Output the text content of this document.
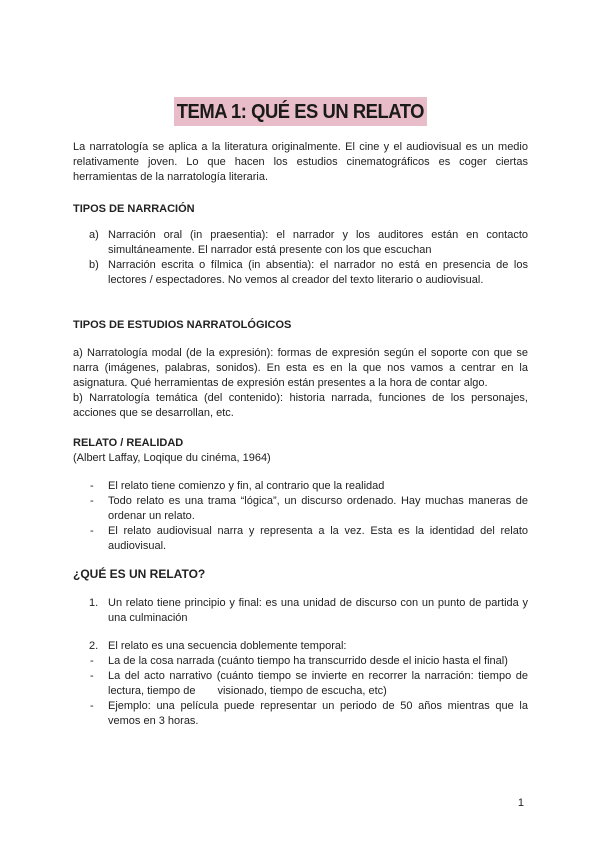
TEMA 1: QUÉ ES UN RELATO
La narratología se aplica a la literatura originalmente. El cine y el audiovisual es un medio relativamente joven. Lo que hacen los estudios cinematográficos es coger ciertas herramientas de la narratología literaria.
TIPOS DE NARRACIÓN
a) Narración oral (in praesentia): el narrador y los auditores están en contacto simultáneamente. El narrador está presente con los que escuchan
b) Narración escrita o fílmica (in absentia): el narrador no está en presencia de los lectores / espectadores. No vemos al creador del texto literario o audiovisual.
TIPOS DE ESTUDIOS NARRATOLÓGICOS
a) Narratología modal (de la expresión): formas de expresión según el soporte con que se narra (imágenes, palabras, sonidos). En esta es en la que nos vamos a centrar en la asignatura. Qué herramientas de expresión están presentes a la hora de contar algo.
b) Narratología temática (del contenido): historia narrada, funciones de los personajes, acciones que se desarrollan, etc.
RELATO / REALIDAD
(Albert Laffay, Loqique du cinéma, 1964)
- El relato tiene comienzo y fin, al contrario que la realidad
- Todo relato es una trama “lógica”, un discurso ordenado. Hay muchas maneras de ordenar un relato.
- El relato audiovisual narra y representa a la vez. Esta es la identidad del relato audiovisual.
¿QUÉ ES UN RELATO?
1. Un relato tiene principio y final: es una unidad de discurso con un punto de partida y una culminación
2. El relato es una secuencia doblemente temporal:
- La de la cosa narrada (cuánto tiempo ha transcurrido desde el inicio hasta el final)
- La del acto narrativo (cuánto tiempo se invierte en recorrer la narración: tiempo de lectura, tiempo de visionado, tiempo de escucha, etc)
- Ejemplo: una película puede representar un periodo de 50 años mientras que la vemos en 3 horas.
1
